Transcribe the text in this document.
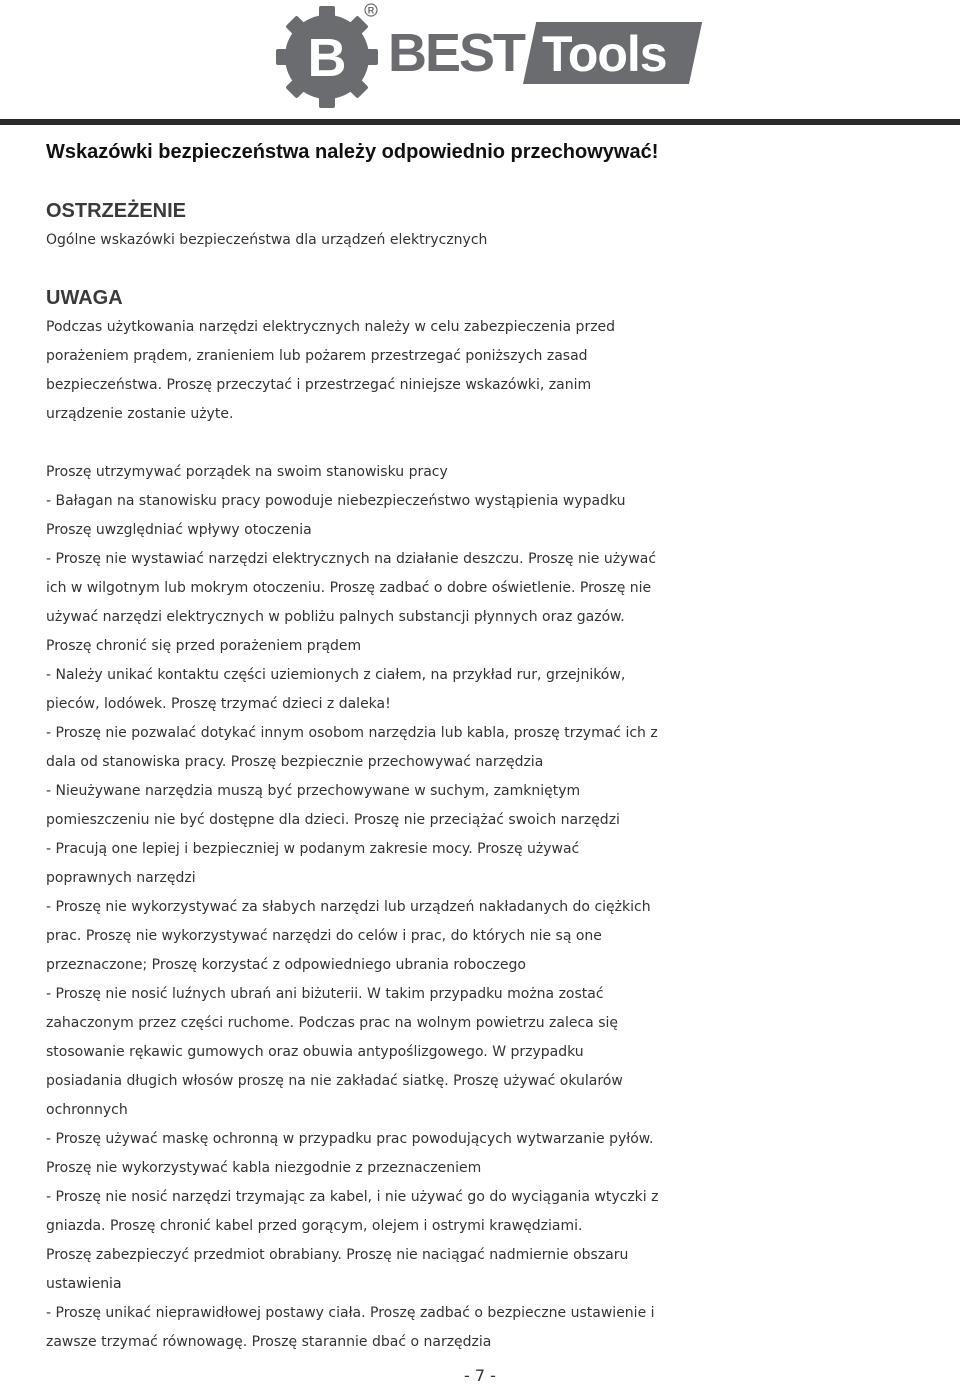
B
R
BEST Tools
Wskazówki bezpieczeństwa należy odpowiednio przechowywać!
OSTRZEŻENIE

Ogólne wskazówki bezpieczeństwa dla urządzeń elektrycznych

UWAGA

Podczas użytkowania narzędzi elektrycznych należy w celu zabezpieczenia przed

porażeniem prądem, zranieniem lub pożarem przestrzegać poniższych zasad

bezpieczeństwa. Proszę przeczytać i przestrzegać niniejsze wskazówki, zanim

urządzenie zostanie użyte.

Proszę utrzymywać porządek na swoim stanowisku pracy

- Bałagan na stanowisku pracy powoduje niebezpieczeństwo wystąpienia wypadku

Proszę uwzględniać wpływy otoczenia

- Proszę nie wystawiać narzędzi elektrycznych na działanie deszczu. Proszę nie używać

ich w wilgotnym lub mokrym otoczeniu. Proszę zadbać o dobre oświetlenie. Proszę nie

używać narzędzi elektrycznych w pobliżu palnych substancji płynnych oraz gazów.

Proszę chronić się przed porażeniem prądem

- Należy unikać kontaktu części uziemionych z ciałem, na przykład rur, grzejników,

pieców, lodówek. Proszę trzymać dzieci z daleka!

- Proszę nie pozwalać dotykać innym osobom narzędzia lub kabla, proszę trzymać ich z

dala od stanowiska pracy. Proszę bezpiecznie przechowywać narzędzia

- Nieużywane narzędzia muszą być przechowywane w suchym, zamkniętym

pomieszczeniu nie być dostępne dla dzieci. Proszę nie przeciążać swoich narzędzi

- Pracują one lepiej i bezpieczniej w podanym zakresie mocy. Proszę używać

poprawnych narzędzi

- Proszę nie wykorzystywać za słabych narzędzi lub urządzeń nakładanych do ciężkich

prac. Proszę nie wykorzystywać narzędzi do celów i prac, do których nie są one

przeznaczone; Proszę korzystać z odpowiedniego ubrania roboczego

- Proszę nie nosić luźnych ubrań ani biżuterii. W takim przypadku można zostać

zahaczonym przez części ruchome. Podczas prac na wolnym powietrzu zaleca się

stosowanie rękawic gumowych oraz obuwia antypoślizgowego. W przypadku

posiadania długich włosów proszę na nie zakładać siatkę. Proszę używać okularów

ochronnych

- Proszę używać maskę ochronną w przypadku prac powodujących wytwarzanie pyłów.

Proszę nie wykorzystywać kabla niezgodnie z przeznaczeniem

- Proszę nie nosić narzędzi trzymając za kabel, i nie używać go do wyciągania wtyczki z

gniazda. Proszę chronić kabel przed gorącym, olejem i ostrymi krawędziami.

Proszę zabezpieczyć przedmiot obrabiany. Proszę nie naciągać nadmiernie obszaru

ustawienia

- Proszę unikać nieprawidłowej postawy ciała. Proszę zadbać o bezpieczne ustawienie i

zawsze trzymać równowagę. Proszę starannie dbać o narzędzia

- 7 -
